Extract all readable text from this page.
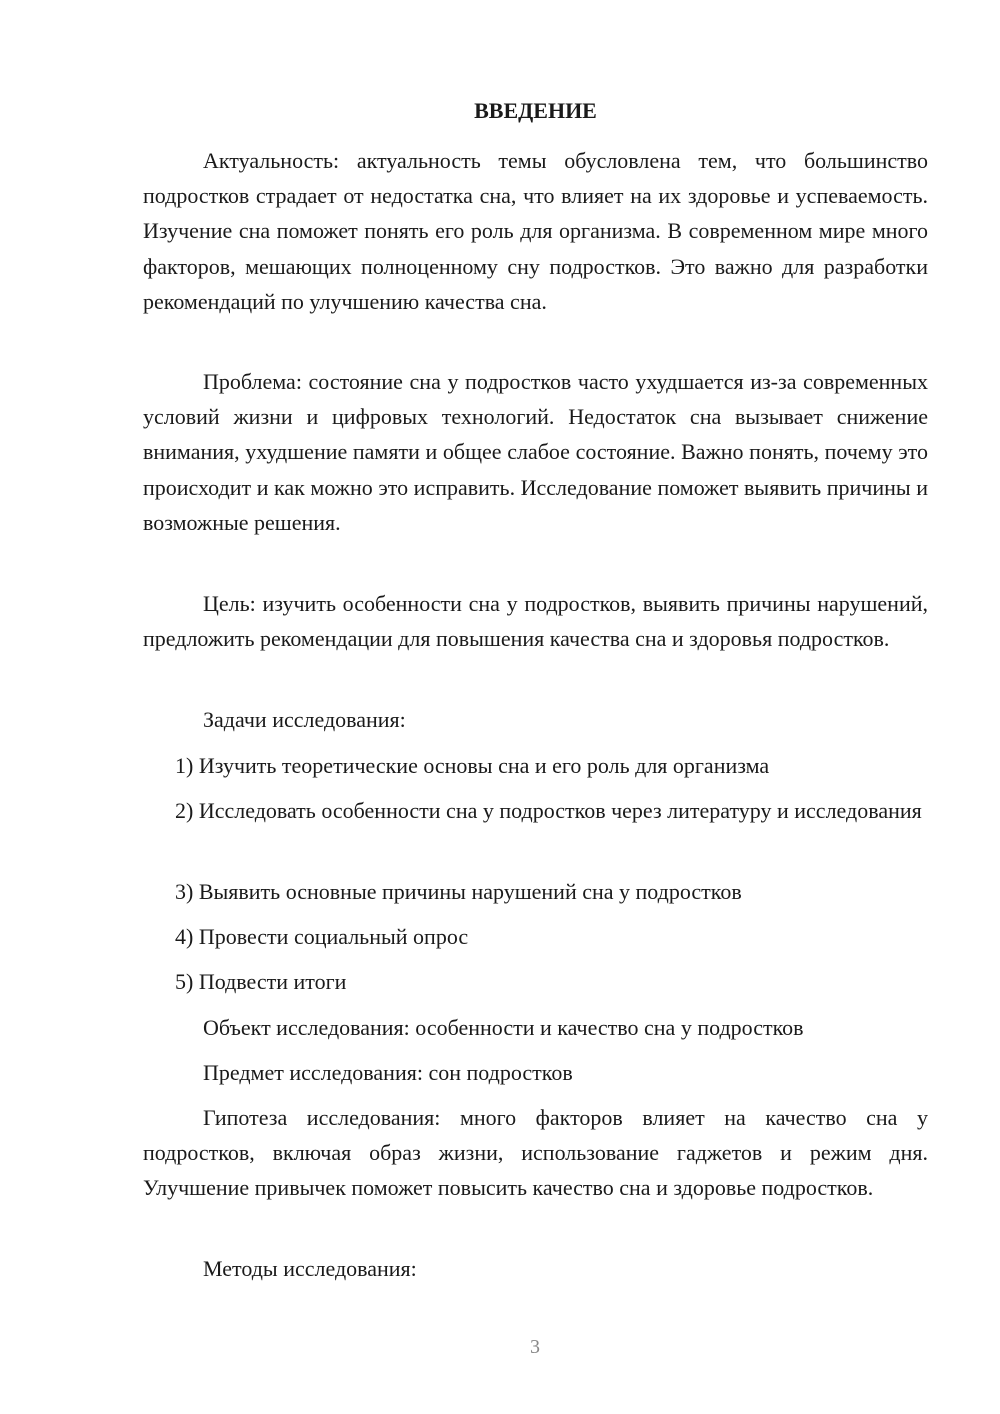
ВВЕДЕНИЕ

Актуальность: актуальность темы обусловлена тем, что большинство подростков страдает от недостатка сна, что влияет на их здоровье и успеваемость. Изучение сна поможет понять его роль для организма. В современном мире много факторов, мешающих полноценному сну подростков. Это важно для разработки рекомендаций по улучшению качества сна.

Проблема: состояние сна у подростков часто ухудшается из-за современных условий жизни и цифровых технологий. Недостаток сна вызывает снижение внимания, ухудшение памяти и общее слабое состояние. Важно понять, почему это происходит и как можно это исправить. Исследование поможет выявить причины и возможные решения.

Цель: изучить особенности сна у подростков, выявить причины нарушений, предложить рекомендации для повышения качества сна и здоровья подростков.

Задачи исследования:

1) Изучить теоретические основы сна и его роль для организма

2) Исследовать особенности сна у подростков через литературу и исследования

3) Выявить основные причины нарушений сна у подростков

4) Провести социальный опрос

5) Подвести итоги

Объект исследования: особенности и качество сна у подростков

Предмет исследования: сон подростков

Гипотеза исследования: много факторов влияет на качество сна у подростков, включая образ жизни, использование гаджетов и режим дня. Улучшение привычек поможет повысить качество сна и здоровье подростков.

Методы исследования:

3
